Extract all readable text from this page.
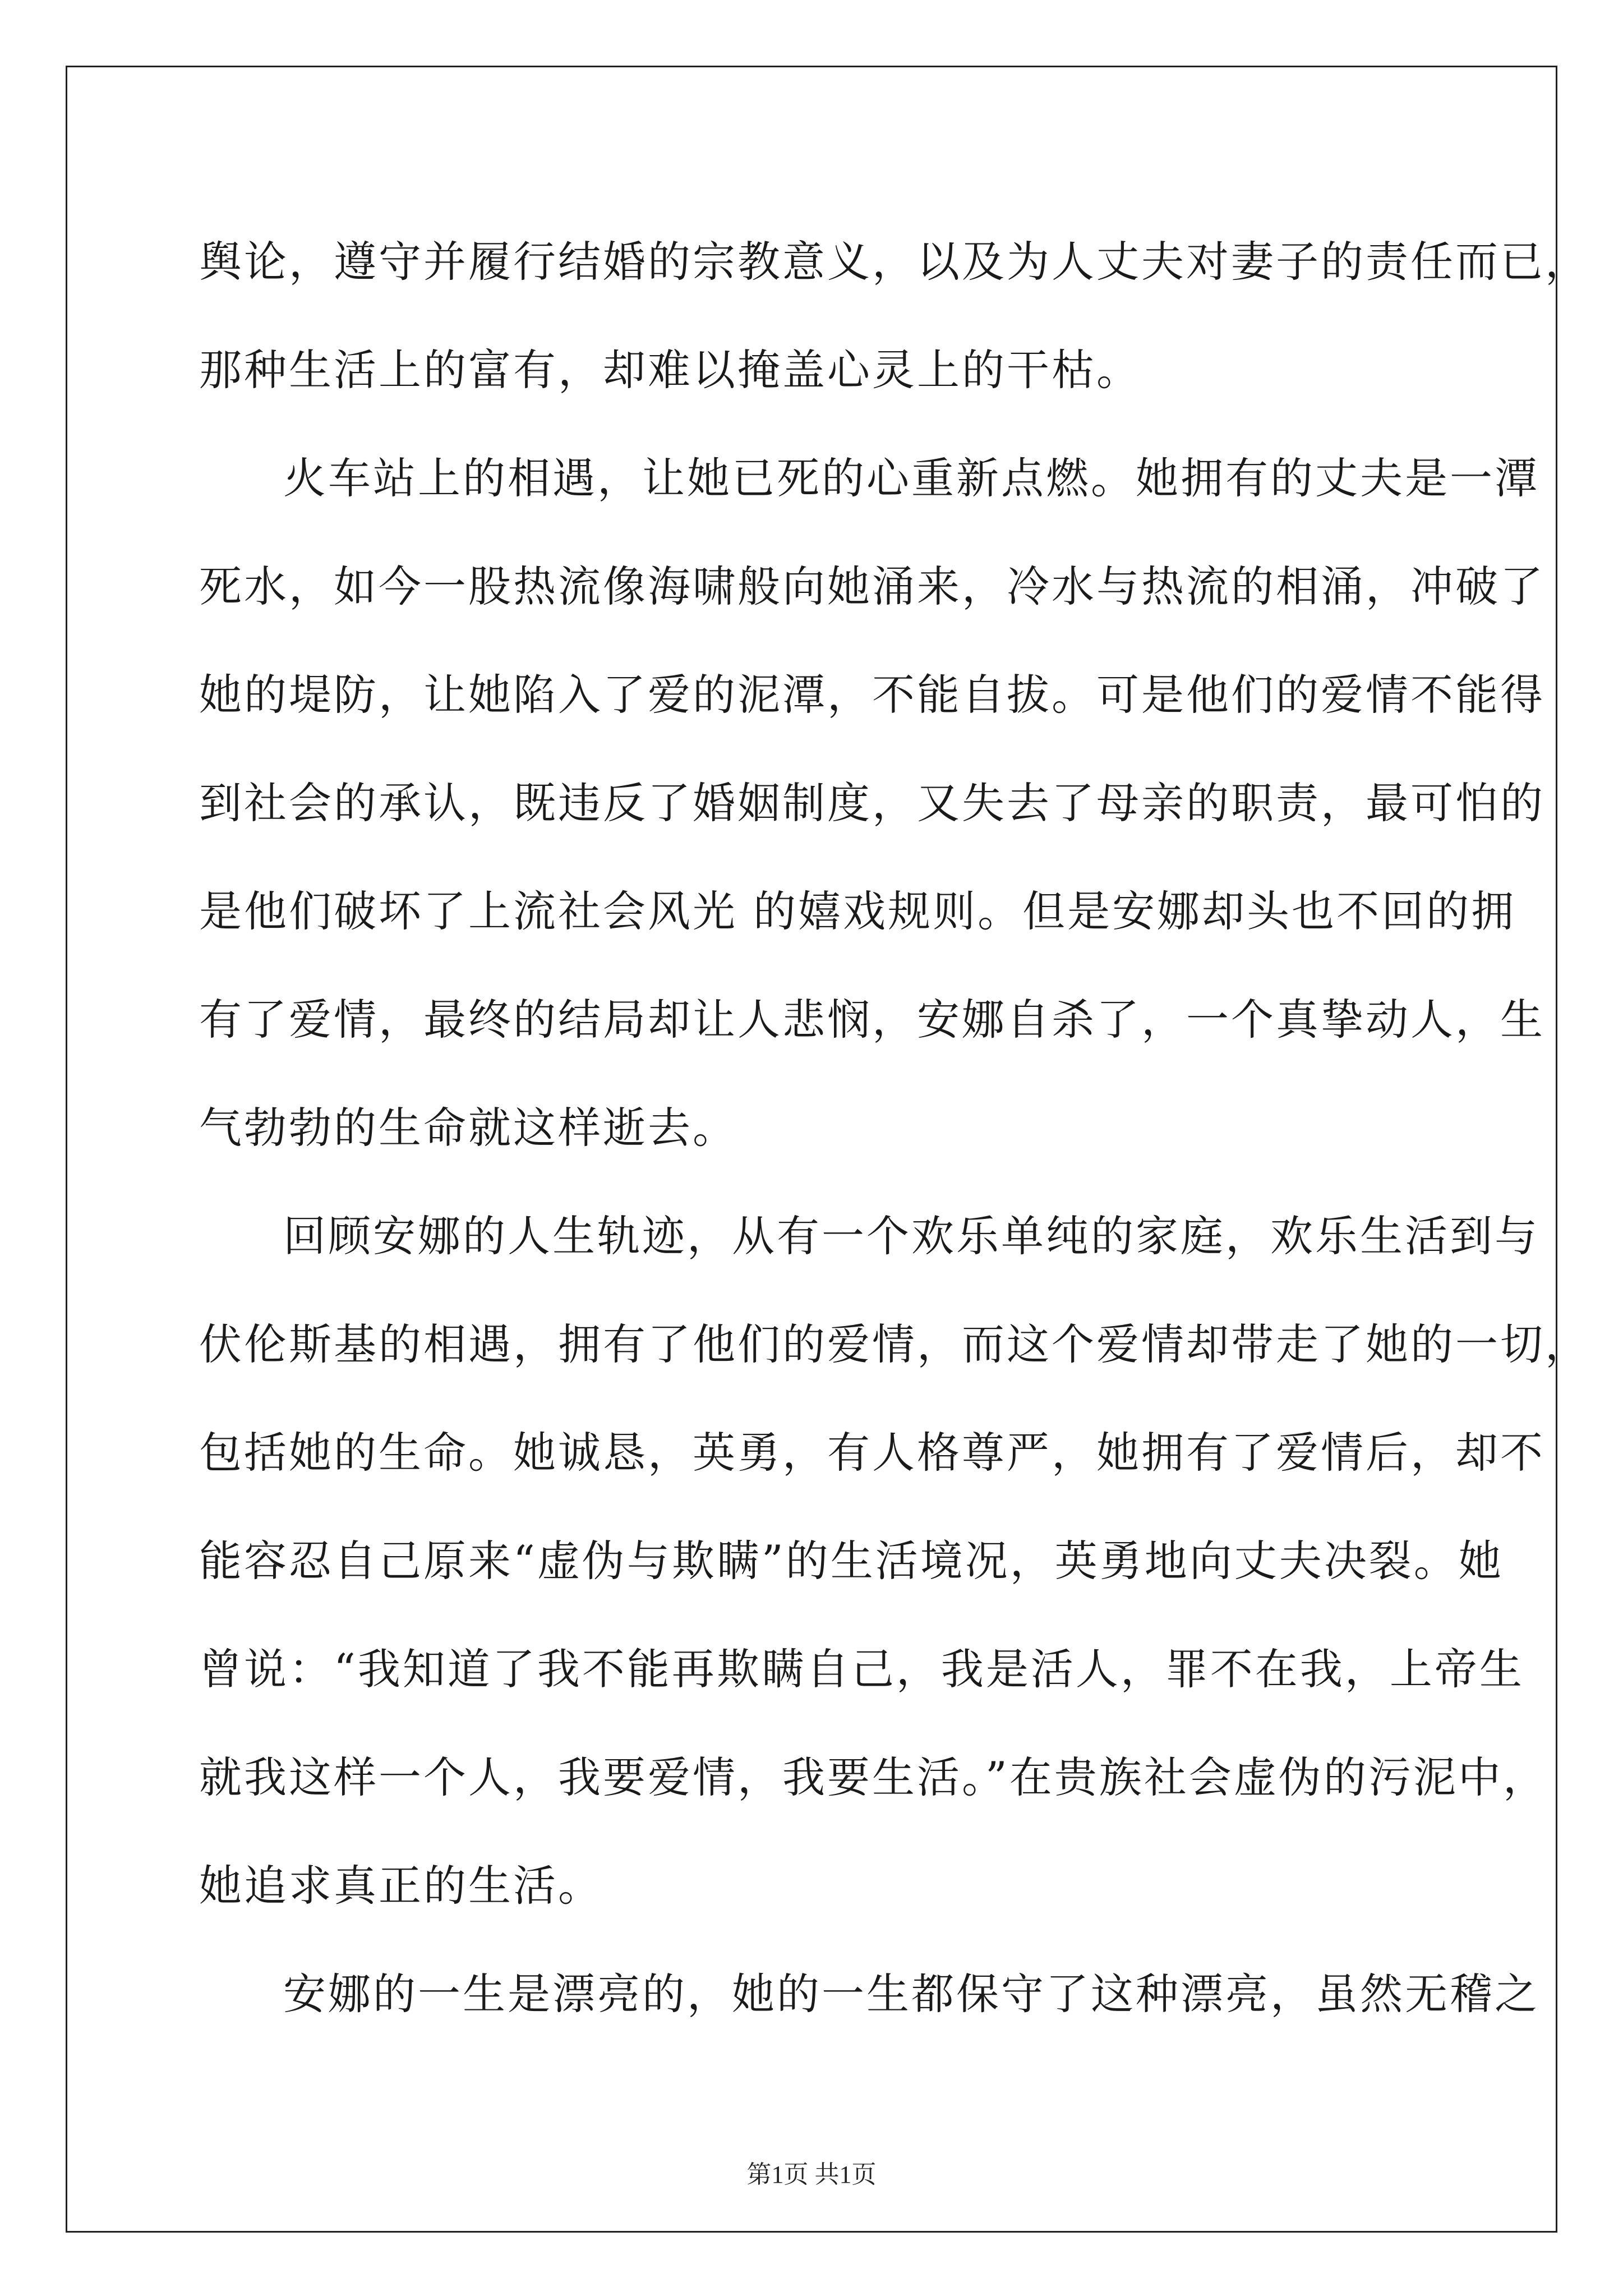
舆论，遵守并履行结婚的宗教意义，以及为人丈夫对妻子的责任而已，
那种生活上的富有，却难以掩盖心灵上的干枯。
火车站上的相遇，让她已死的心重新点燃。她拥有的丈夫是一潭
死水，如今一股热流像海啸般向她涌来，冷水与热流的相涌，冲破了
她的堤防，让她陷入了爱的泥潭，不能自拔。可是他们的爱情不能得
到社会的承认，既违反了婚姻制度，又失去了母亲的职责，最可怕的
是他们破坏了上流社会风光 的嬉戏规则。但是安娜却头也不回的拥
有了爱情，最终的结局却让人悲悯，安娜自杀了，一个真挚动人，生
气勃勃的生命就这样逝去。
回顾安娜的人生轨迹，从有一个欢乐单纯的家庭，欢乐生活到与
伏伦斯基的相遇，拥有了他们的爱情，而这个爱情却带走了她的一切，
包括她的生命。她诚恳，英勇，有人格尊严，她拥有了爱情后，却不
能容忍自己原来“虚伪与欺瞒”的生活境况，英勇地向丈夫决裂。她
曾说：“我知道了我不能再欺瞒自己，我是活人，罪不在我，上帝生
就我这样一个人，我要爱情，我要生活。”在贵族社会虚伪的污泥中，
她追求真正的生活。
安娜的一生是漂亮的，她的一生都保守了这种漂亮，虽然无稽之
第1页 共1页
